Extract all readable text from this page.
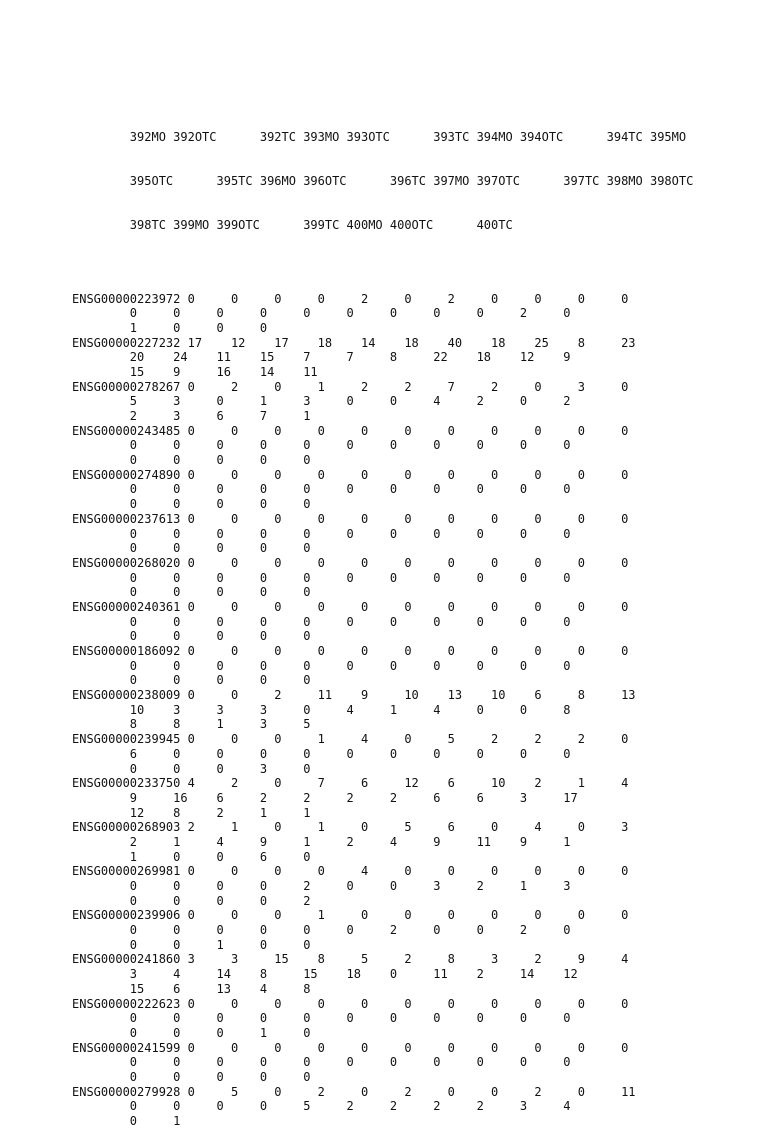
392MO 392OTC      392TC 393MO 393OTC      393TC 394MO 394OTC      394TC 395MO

395OTC      395TC 396MO 396OTC      396TC 397MO 397OTC      397TC 398MO 398OTC

398TC 399MO 399OTC      399TC 400MO 400OTC      400TC

ENSG00000223972 0     0     0     0     2     0     2     0     0     0     0
0     0     0     0     0     0     0     0     0     2     0
1     0     0     0
ENSG00000227232 17    12    17    18    14    18    40    18    25    8     23
20    24    11    15    7     7     8     22    18    12    9
15    9     16    14    11
ENSG00000278267 0     2     0     1     2     2     7     2     0     3     0
5     3     0     1     3     0     0     4     2     0     2
2     3     6     7     1
ENSG00000243485 0     0     0     0     0     0     0     0     0     0     0
0     0     0     0     0     0     0     0     0     0     0
0     0     0     0     0
ENSG00000274890 0     0     0     0     0     0     0     0     0     0     0
0     0     0     0     0     0     0     0     0     0     0
0     0     0     0     0
ENSG00000237613 0     0     0     0     0     0     0     0     0     0     0
0     0     0     0     0     0     0     0     0     0     0
0     0     0     0     0
ENSG00000268020 0     0     0     0     0     0     0     0     0     0     0
0     0     0     0     0     0     0     0     0     0     0
0     0     0     0     0
ENSG00000240361 0     0     0     0     0     0     0     0     0     0     0
0     0     0     0     0     0     0     0     0     0     0
0     0     0     0     0
ENSG00000186092 0     0     0     0     0     0     0     0     0     0     0
0     0     0     0     0     0     0     0     0     0     0
0     0     0     0     0
ENSG00000238009 0     0     2     11    9     10    13    10    6     8     13
10    3     3     3     0     4     1     4     0     0     8
8     8     1     3     5
ENSG00000239945 0     0     0     1     4     0     5     2     2     2     0
6     0     0     0     0     0     0     0     0     0     0
0     0     0     3     0
ENSG00000233750 4     2     0     7     6     12    6     10    2     1     4
9     16    6     2     2     2     2     6     6     3     17
12    8     2     1     1
ENSG00000268903 2     1     0     1     0     5     6     0     4     0     3
2     1     4     9     1     2     4     9     11    9     1
1     0     0     6     0
ENSG00000269981 0     0     0     0     4     0     0     0     0     0     0
0     0     0     0     2     0     0     3     2     1     3
0     0     0     0     2
ENSG00000239906 0     0     0     1     0     0     0     0     0     0     0
0     0     0     0     0     0     2     0     0     2     0
0     0     1     0     0
ENSG00000241860 3     3     15    8     5     2     8     3     2     9     4
3     4     14    8     15    18    0     11    2     14    12
15    6     13    4     8
ENSG00000222623 0     0     0     0     0     0     0     0     0     0     0
0     0     0     0     0     0     0     0     0     0     0
0     0     0     1     0
ENSG00000241599 0     0     0     0     0     0     0     0     0     0     0
0     0     0     0     0     0     0     0     0     0     0
0     0     0     0     0
ENSG00000279928 0     5     0     2     0     2     0     0     2     0     11
0     0     0     0     5     2     2     2     2     3     4
0     1
